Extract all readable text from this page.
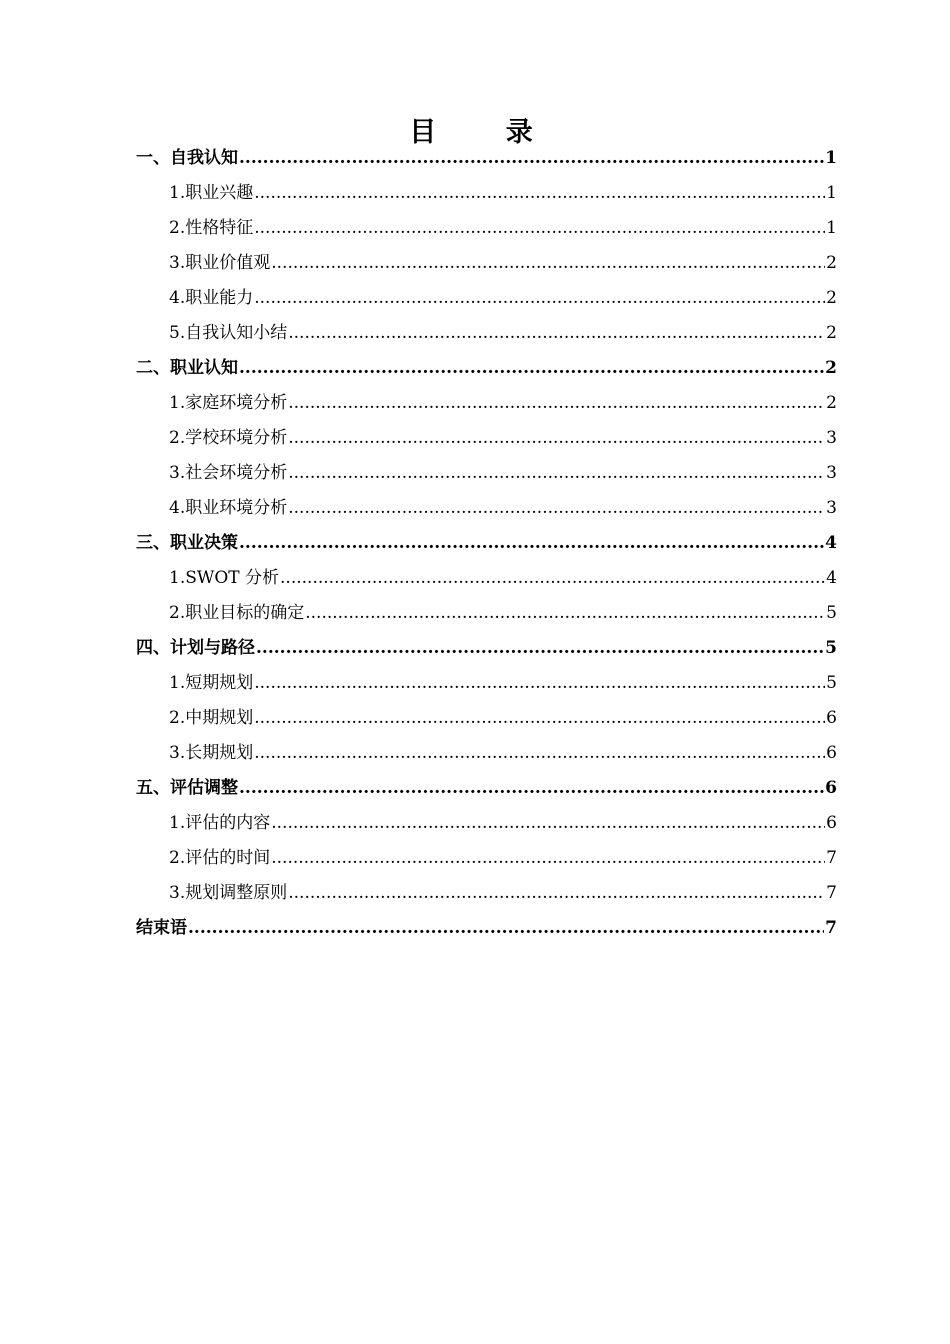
目 录
一、自我认知 .....	1
1.职业兴趣 .....	1
2.性格特征 .....	1
3.职业价值观 .....	2
4.职业能力 .....	2
5.自我认知小结 .....	2
二、职业认知 .....	2
1.家庭环境分析 .....	2
2.学校环境分析 .....	3
3.社会环境分析 .....	3
4.职业环境分析 .....	3
三、职业决策 .....	4
1.SWOT 分析 .....	4
2.职业目标的确定 .....	5
四、计划与路径 .....	5
1.短期规划 .....	5
2.中期规划 .....	6
3.长期规划 .....	6
五、评估调整 .....	6
1.评估的内容 .....	6
2.评估的时间 .....	7
3.规划调整原则 .....	7
结束语 .....	7
